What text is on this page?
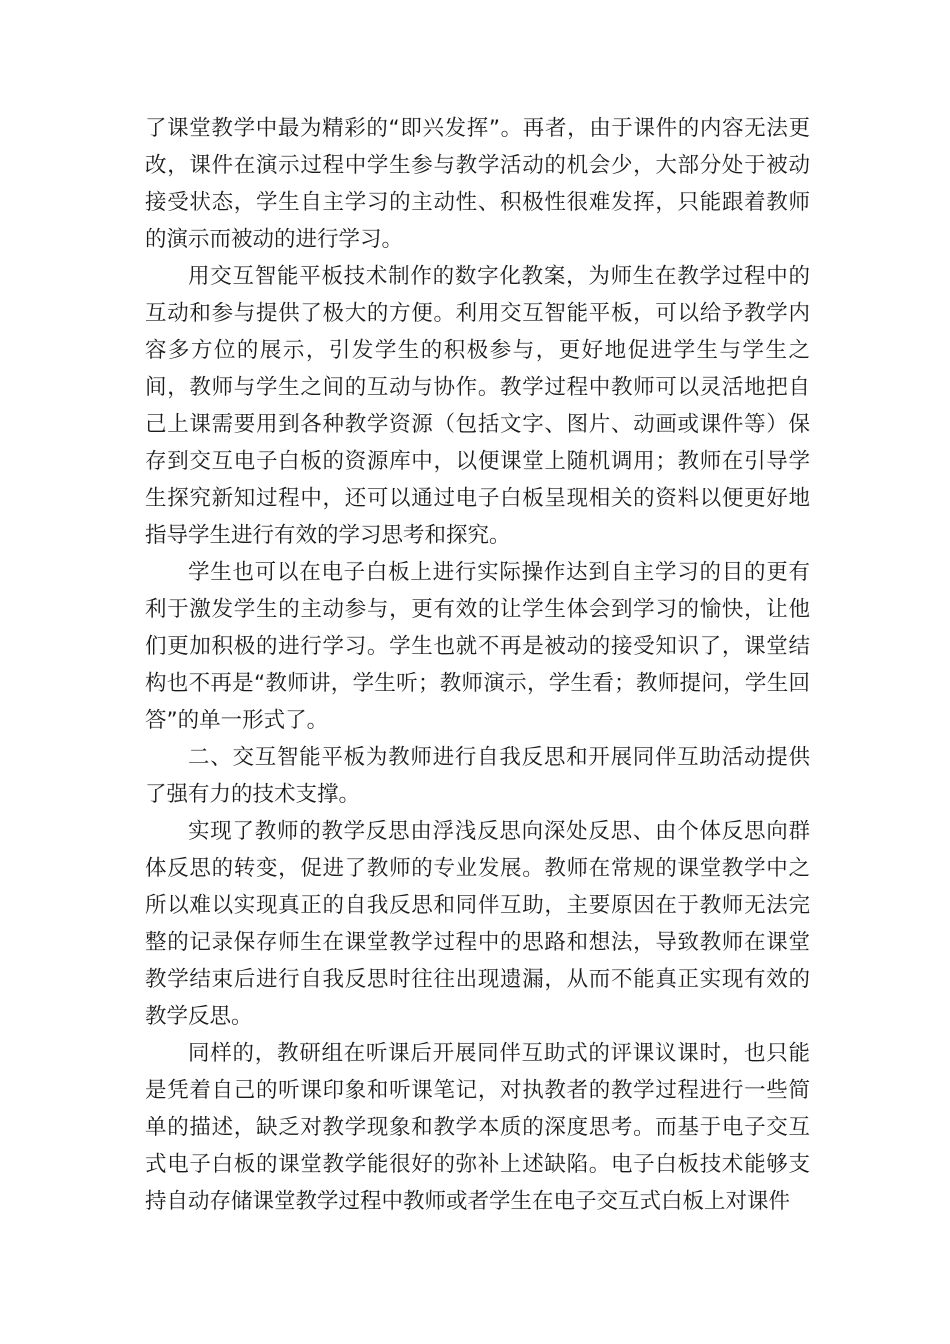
了课堂教学中最为精彩的“即兴发挥”。再者，由于课件的内容无法更改，课件在演示过程中学生参与教学活动的机会少，大部分处于被动接受状态，学生自主学习的主动性、积极性很难发挥，只能跟着教师的演示而被动的进行学习。

用交互智能平板技术制作的数字化教案，为师生在教学过程中的互动和参与提供了极大的方便。利用交互智能平板，可以给予教学内容多方位的展示，引发学生的积极参与，更好地促进学生与学生之间，教师与学生之间的互动与协作。教学过程中教师可以灵活地把自己上课需要用到各种教学资源（包括文字、图片、动画或课件等）保存到交互电子白板的资源库中，以便课堂上随机调用；教师在引导学生探究新知过程中，还可以通过电子白板呈现相关的资料以便更好地指导学生进行有效的学习思考和探究。

学生也可以在电子白板上进行实际操作达到自主学习的目的更有利于激发学生的主动参与，更有效的让学生体会到学习的愉快，让他们更加积极的进行学习。学生也就不再是被动的接受知识了，课堂结构也不再是“教师讲，学生听；教师演示，学生看；教师提问，学生回答”的单一形式了。

二、交互智能平板为教师进行自我反思和开展同伴互助活动提供了强有力的技术支撑。

实现了教师的教学反思由浮浅反思向深处反思、由个体反思向群体反思的转变，促进了教师的专业发展。教师在常规的课堂教学中之所以难以实现真正的自我反思和同伴互助，主要原因在于教师无法完整的记录保存师生在课堂教学过程中的思路和想法，导致教师在课堂教学结束后进行自我反思时往往出现遗漏，从而不能真正实现有效的教学反思。

同样的，教研组在听课后开展同伴互助式的评课议课时，也只能是凭着自己的听课印象和听课笔记，对执教者的教学过程进行一些简单的描述，缺乏对教学现象和教学本质的深度思考。而基于电子交互式电子白板的课堂教学能很好的弥补上述缺陷。电子白板技术能够支持自动存储课堂教学过程中教师或者学生在电子交互式白板上对课件
